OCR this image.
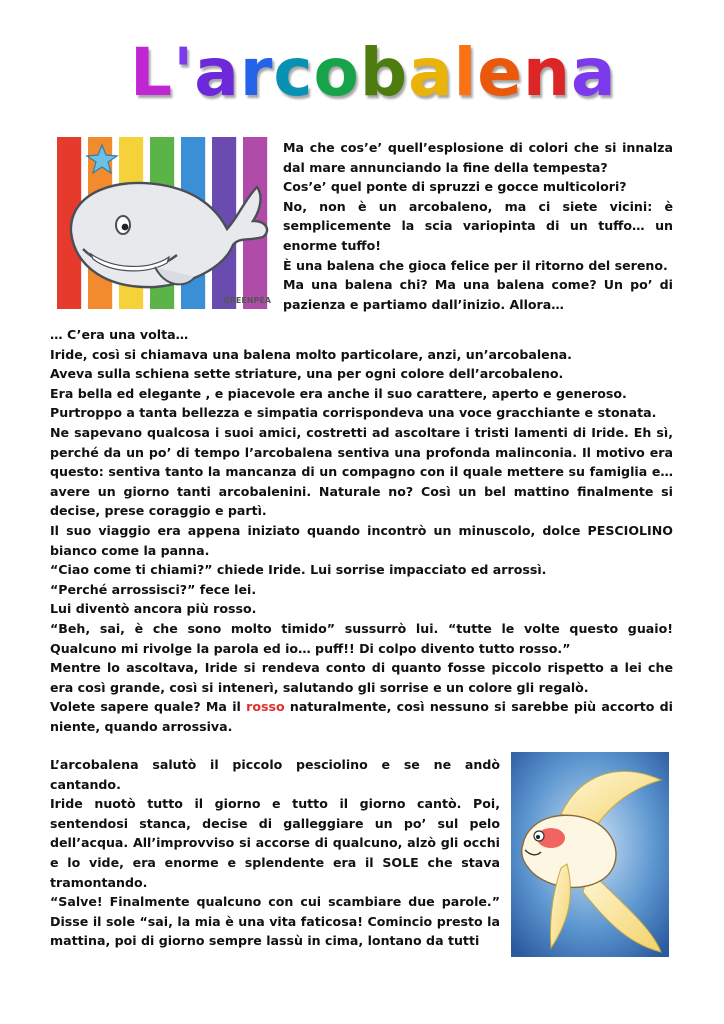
L'arcobalena
GREENPEA

Ma che cos’e’ quell’esplosione di colori che si innalza dal mare annunciando la fine della tempesta?

Cos’e’ quel ponte di spruzzi e gocce multicolori?

No, non è un arcobaleno, ma ci siete vicini: è semplicemente la scia variopinta di un tuffo… un enorme tuffo!

È una balena che gioca felice per il ritorno del sereno.

Ma una balena chi? Ma una balena come? Un po’ di pazienza e partiamo dall’inizio. Allora…

… C’era una volta…

Iride, così si chiamava una balena molto particolare, anzi, un’arcobalena.

Aveva sulla schiena sette striature, una per ogni colore dell’arcobaleno.

Era bella ed elegante , e piacevole era anche il suo carattere, aperto e generoso.

Purtroppo a tanta bellezza e simpatia corrispondeva una voce gracchiante e stonata.

Ne sapevano qualcosa i suoi amici, costretti ad ascoltare i tristi lamenti di Iride. Eh sì, perché da un po’ di tempo l’arcobalena sentiva una profonda malinconia. Il motivo era questo: sentiva tanto la mancanza di un compagno con il quale mettere su famiglia e… avere un giorno tanti arcobalenini. Naturale no? Così un bel mattino finalmente si decise, prese coraggio e partì.

Il suo viaggio era appena iniziato quando incontrò un minuscolo, dolce PESCIOLINO bianco come la panna.

“Ciao come ti chiami?” chiede Iride. Lui sorrise impacciato ed arrossì.

“Perché arrossisci?” fece lei.

Lui diventò ancora più rosso.

“Beh, sai, è che sono molto timido” sussurrò lui. “tutte le volte questo guaio! Qualcuno mi rivolge la parola ed io… puff!! Di colpo divento tutto rosso.”

Mentre lo ascoltava, Iride si rendeva conto di quanto fosse piccolo rispetto a lei che era così grande, così si intenerì, salutando gli sorrise e un colore gli regalò.

Volete sapere quale? Ma il rosso naturalmente, così nessuno si sarebbe più accorto di niente, quando arrossiva.

L’arcobalena salutò il piccolo pesciolino e se ne andò cantando.

Iride nuotò tutto il giorno e tutto il giorno cantò. Poi, sentendosi stanca, decise di galleggiare un po’ sul pelo dell’acqua. All’improvviso si accorse di qualcuno, alzò gli occhi e lo vide, era enorme e splendente era il SOLE che stava tramontando.

“Salve! Finalmente qualcuno con cui scambiare due parole.” Disse il sole “sai, la mia è una vita faticosa! Comincio presto la mattina, poi di giorno sempre lassù in cima, lontano da tutti
